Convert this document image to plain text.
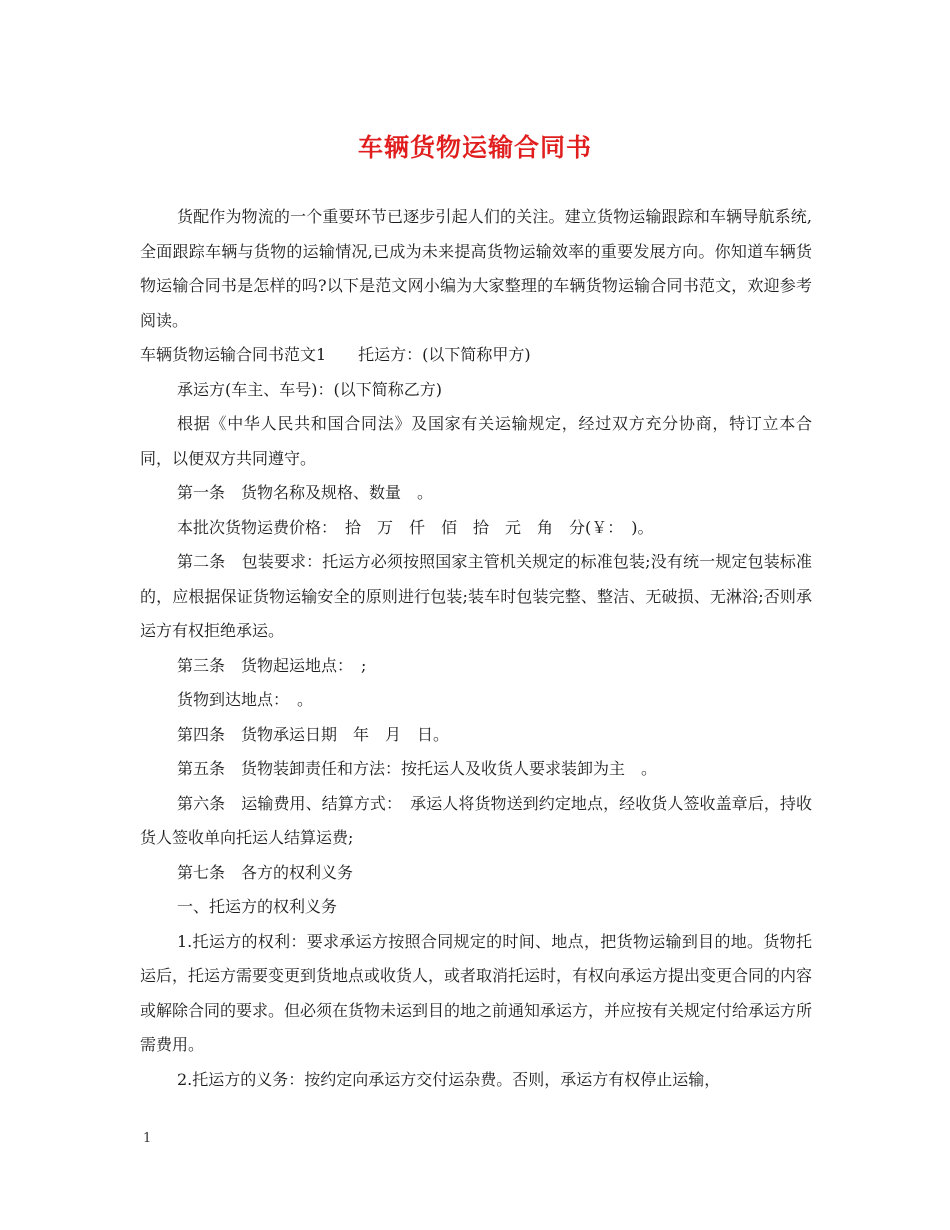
车辆货物运输合同书

货配作为物流的一个重要环节已逐步引起人们的关注。建立货物运输跟踪和车辆导航系统,全面跟踪车辆与货物的运输情况,已成为未来提高货物运输效率的重要发展方向。你知道车辆货物运输合同书是怎样的吗?以下是范文网小编为大家整理的车辆货物运输合同书范文，欢迎参考阅读。

车辆货物运输合同书范文1　　托运方：(以下简称甲方)

承运方(车主、车号)：(以下简称乙方)

根据《中华人民共和国合同法》及国家有关运输规定，经过双方充分协商，特订立本合同，以便双方共同遵守。

第一条　货物名称及规格、数量　。

本批次货物运费价格：　拾　万　仟　佰　拾　元　角　分(￥：　)。

第二条　包装要求：托运方必须按照国家主管机关规定的标准包装;没有统一规定包装标准的，应根据保证货物运输安全的原则进行包装;装车时包装完整、整洁、无破损、无淋浴;否则承运方有权拒绝承运。

第三条　货物起运地点：　;

货物到达地点：　。

第四条　货物承运日期　年　月　日。

第五条　货物装卸责任和方法：按托运人及收货人要求装卸为主　。

第六条　运输费用、结算方式：　承运人将货物送到约定地点，经收货人签收盖章后，持收货人签收单向托运人结算运费;

第七条　各方的权利义务

一、托运方的权利义务

1.托运方的权利：要求承运方按照合同规定的时间、地点，把货物运输到目的地。货物托运后，托运方需要变更到货地点或收货人，或者取消托运时，有权向承运方提出变更合同的内容或解除合同的要求。但必须在货物未运到目的地之前通知承运方，并应按有关规定付给承运方所需费用。

2.托运方的义务：按约定向承运方交付运杂费。否则，承运方有权停止运输，

1
